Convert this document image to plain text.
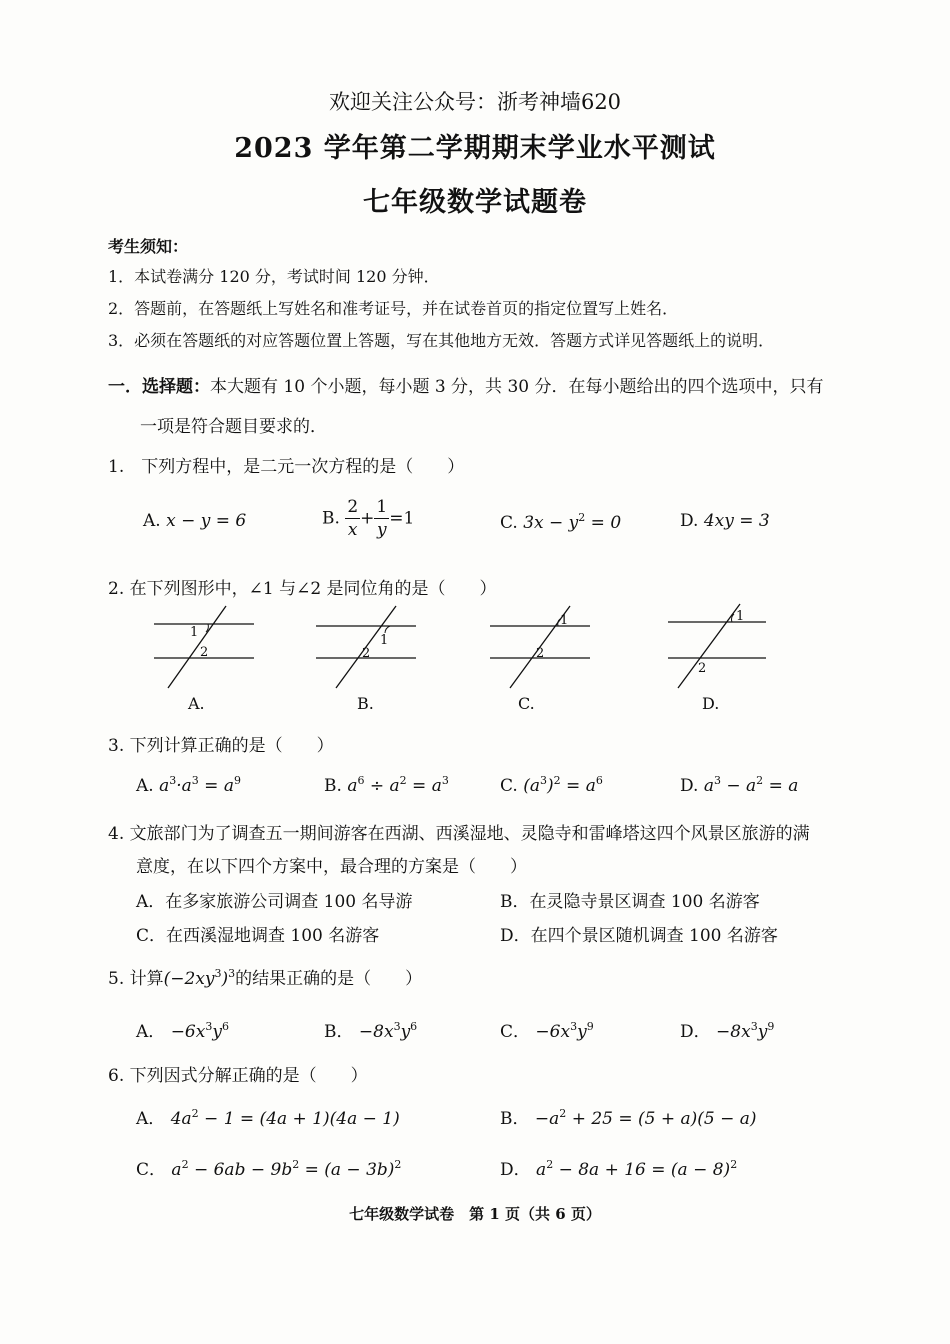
欢迎关注公众号：浙考神墙620
2023 学年第二学期期末学业水平测试
七年级数学试题卷
考生须知：
1．本试卷满分 120 分，考试时间 120 分钟．
2．答题前，在答题纸上写姓名和准考证号，并在试卷首页的指定位置写上姓名．
3．必须在答题纸的对应答题位置上答题，写在其他地方无效．答题方式详见答题纸上的说明．
一．选择题：本大题有 10 个小题，每小题 3 分，共 30 分．在每小题给出的四个选项中，只有
一项是符合题目要求的．
1.　下列方程中，是二元一次方程的是（　　）
A. x − y = 6	B. $\frac{2}{x} + \frac{1}{y} =1$	C. $3x - y^2 = 0$	D. 4xy = 3
2. 在下列图形中，∠1 与∠2 是同位角的是（　　）
1
2
A.
1
2
B.
1
2
C.
1
2
D.
3. 下列计算正确的是（　　）
A. $a^3\cdot a^3 = a^9$	B. $a^6 \div a^2 = a^3$	C. $(a^3)^2 = a^6$	D. $a^3 - a^2 = a$
4. 文旅部门为了调查五一期间游客在西湖、西溪湿地、灵隐寺和雷峰塔这四个风景区旅游的满
意度，在以下四个方案中，最合理的方案是（　　）
A．在多家旅游公司调查 100 名导游	B．在灵隐寺景区调查 100 名游客
C．在西溪湿地调查 100 名游客	D．在四个景区随机调查 100 名游客
5. 计算$(-2xy^3)^3$的结果正确的是（　　）
A． $-6x^3y^6$	B． $-8x^3y^6$	C． $-6x^3y^9$	D． $-8x^3y^9$
6. 下列因式分解正确的是（　　）
A． $4a^2 - 1 = (4a + 1)(4a - 1)$	B． $-a^2 + 25 = (5 + a)(5 - a)$
C． $a^2 - 6ab - 9b^2 = (a - 3b)^2$	D． $a^2 - 8a + 16 = (a - 8)^2$
七年级数学试卷　第 1 页（共 6 页）
